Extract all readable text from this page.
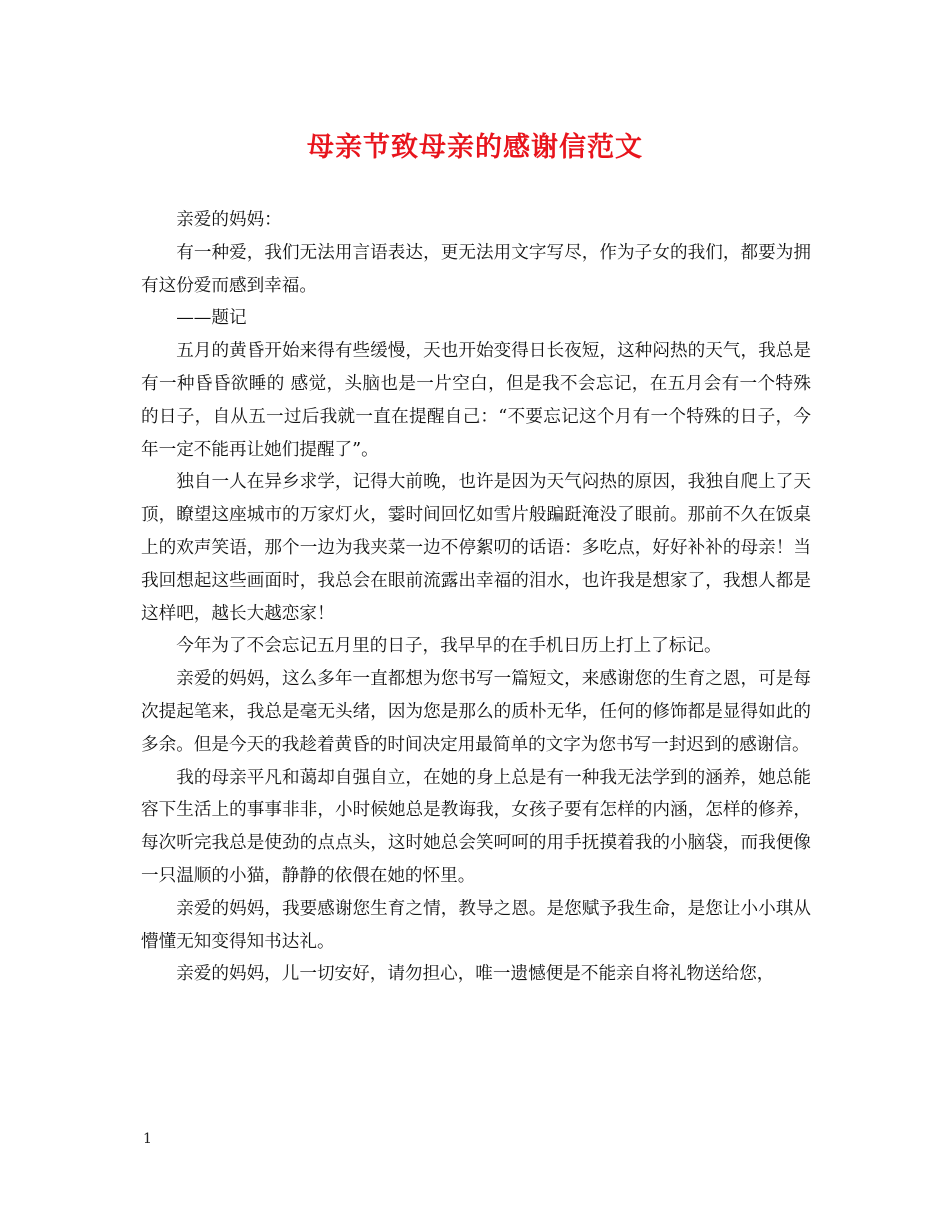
母亲节致母亲的感谢信范文

亲爱的妈妈：

有一种爱，我们无法用言语表达，更无法用文字写尽，作为子女的我们，都要为拥有这份爱而感到幸福。

——题记

五月的黄昏开始来得有些缓慢，天也开始变得日长夜短，这种闷热的天气，我总是有一种昏昏欲睡的 感觉，头脑也是一片空白，但是我不会忘记，在五月会有一个特殊的日子，自从五一过后我就一直在提醒自己：“不要忘记这个月有一个特殊的日子，今年一定不能再让她们提醒了”。

独自一人在异乡求学，记得大前晚，也许是因为天气闷热的原因，我独自爬上了天顶，瞭望这座城市的万家灯火，霎时间回忆如雪片般蹁跹淹没了眼前。那前不久在饭桌上的欢声笑语，那个一边为我夹菜一边不停絮叨的话语：多吃点，好好补补的母亲！当我回想起这些画面时，我总会在眼前流露出幸福的泪水，也许我是想家了，我想人都是这样吧，越长大越恋家！

今年为了不会忘记五月里的日子，我早早的在手机日历上打上了标记。

亲爱的妈妈，这么多年一直都想为您书写一篇短文，来感谢您的生育之恩，可是每次提起笔来，我总是毫无头绪，因为您是那么的质朴无华，任何的修饰都是显得如此的多余。但是今天的我趁着黄昏的时间决定用最简单的文字为您书写一封迟到的感谢信。

我的母亲平凡和蔼却自强自立，在她的身上总是有一种我无法学到的涵养，她总能容下生活上的事事非非，小时候她总是教诲我，女孩子要有怎样的内涵，怎样的修养，每次听完我总是使劲的点点头，这时她总会笑呵呵的用手抚摸着我的小脑袋，而我便像一只温顺的小猫，静静的依偎在她的怀里。

亲爱的妈妈，我要感谢您生育之情，教导之恩。是您赋予我生命，是您让小小琪从懵懂无知变得知书达礼。

亲爱的妈妈，儿一切安好，请勿担心，唯一遗憾便是不能亲自将礼物送给您，

1
